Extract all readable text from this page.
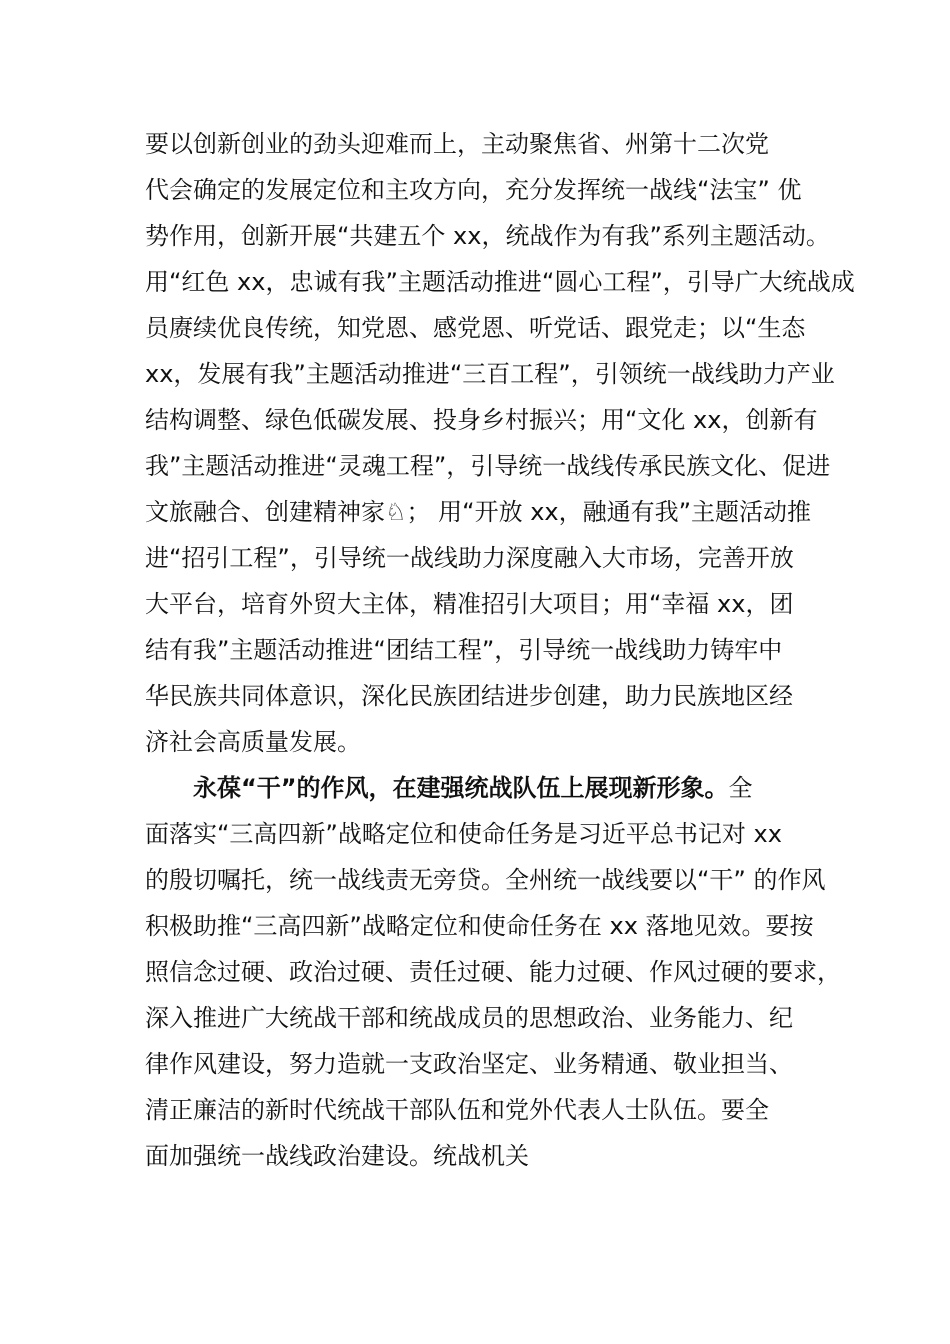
要以创新创业的劲头迎难而上，主动聚焦省、州第十二次党
代会确定的发展定位和主攻方向，充分发挥统一战线“法宝” 优
势作用，创新开展“共建五个 xx，统战作为有我”系列主题活动。
用“红色 xx，忠诚有我”主题活动推进“圆心工程”，引导广大统战成
员赓续优良传统，知党恩、感党恩、听党话、跟党走；以“生态
xx，发展有我”主题活动推进“三百工程”，引领统一战线助力产业
结构调整、绿色低碳发展、投身乡村振兴；用“文化 xx，创新有
我”主题活动推进“灵魂工程”，引导统一战线传承民族文化、促进
文旅融合、创建精神家♘； 用“开放 xx，融通有我”主题活动推
进“招引工程”，引导统一战线助力深度融入大市场，完善开放
大平台，培育外贸大主体，精准招引大项目；用“幸福 xx，团
结有我”主题活动推进“团结工程”，引导统一战线助力铸牢中
华民族共同体意识，深化民族团结进步创建，助力民族地区经
济社会高质量发展。
永葆“干”的作风，在建强统战队伍上展现新形象。全
面落实“三高四新”战略定位和使命任务是习近平总书记对 xx
的殷切嘱托，统一战线责无旁贷。全州统一战线要以“干” 的作风
积极助推“三高四新”战略定位和使命任务在 xx 落地见效。要按
照信念过硬、政治过硬、责任过硬、能力过硬、作风过硬的要求，
深入推进广大统战干部和统战成员的思想政治、业务能力、纪
律作风建设，努力造就一支政治坚定、业务精通、敬业担当、
清正廉洁的新时代统战干部队伍和党外代表人士队伍。要全
面加强统一战线政治建设。统战机关
